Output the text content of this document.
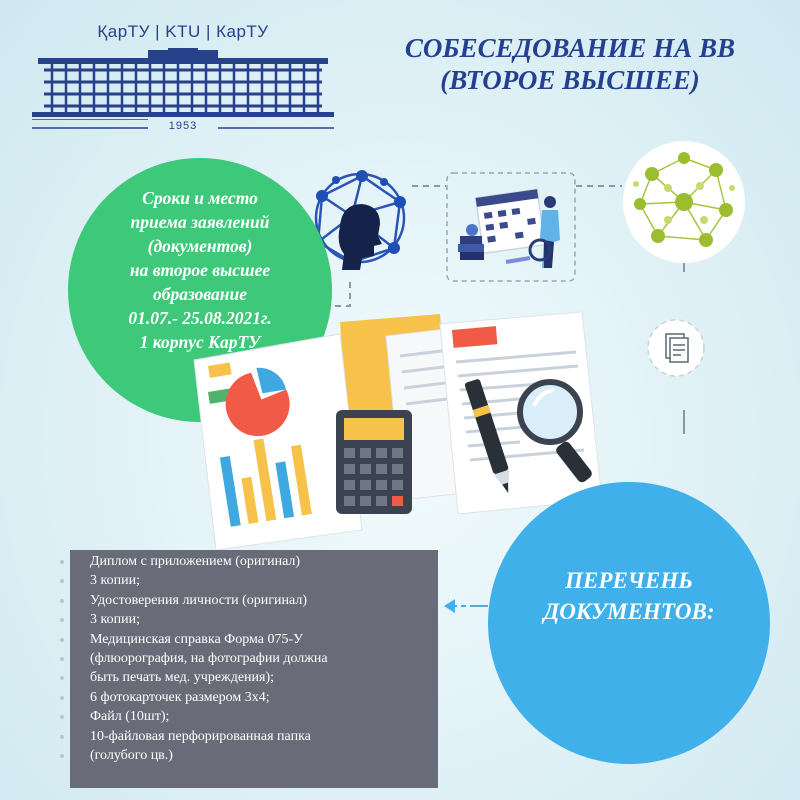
ҚарТУ | KTU | КарТУ
1953
СОБЕСЕДОВАНИЕ НА ВВ
(ВТОРОЕ ВЫСШЕЕ)
Сроки и место
приема заявлений
(документов)
на второе высшее
образование
01.07.- 25.08.2021г.
1 корпус КарТУ
ПЕРЕЧЕНЬ
ДОКУМЕНТОВ:
Диплом с приложением (оригинал)
3 копии;
Удостоверения личности (оригинал)
3 копии;
Медицинская справка Форма 075-У
(флюорография, на фотографии должна
быть печать мед. учреждения);
6 фотокарточек размером 3х4;
Файл (10шт);
10-файловая перфорированная папка
(голубого цв.)
